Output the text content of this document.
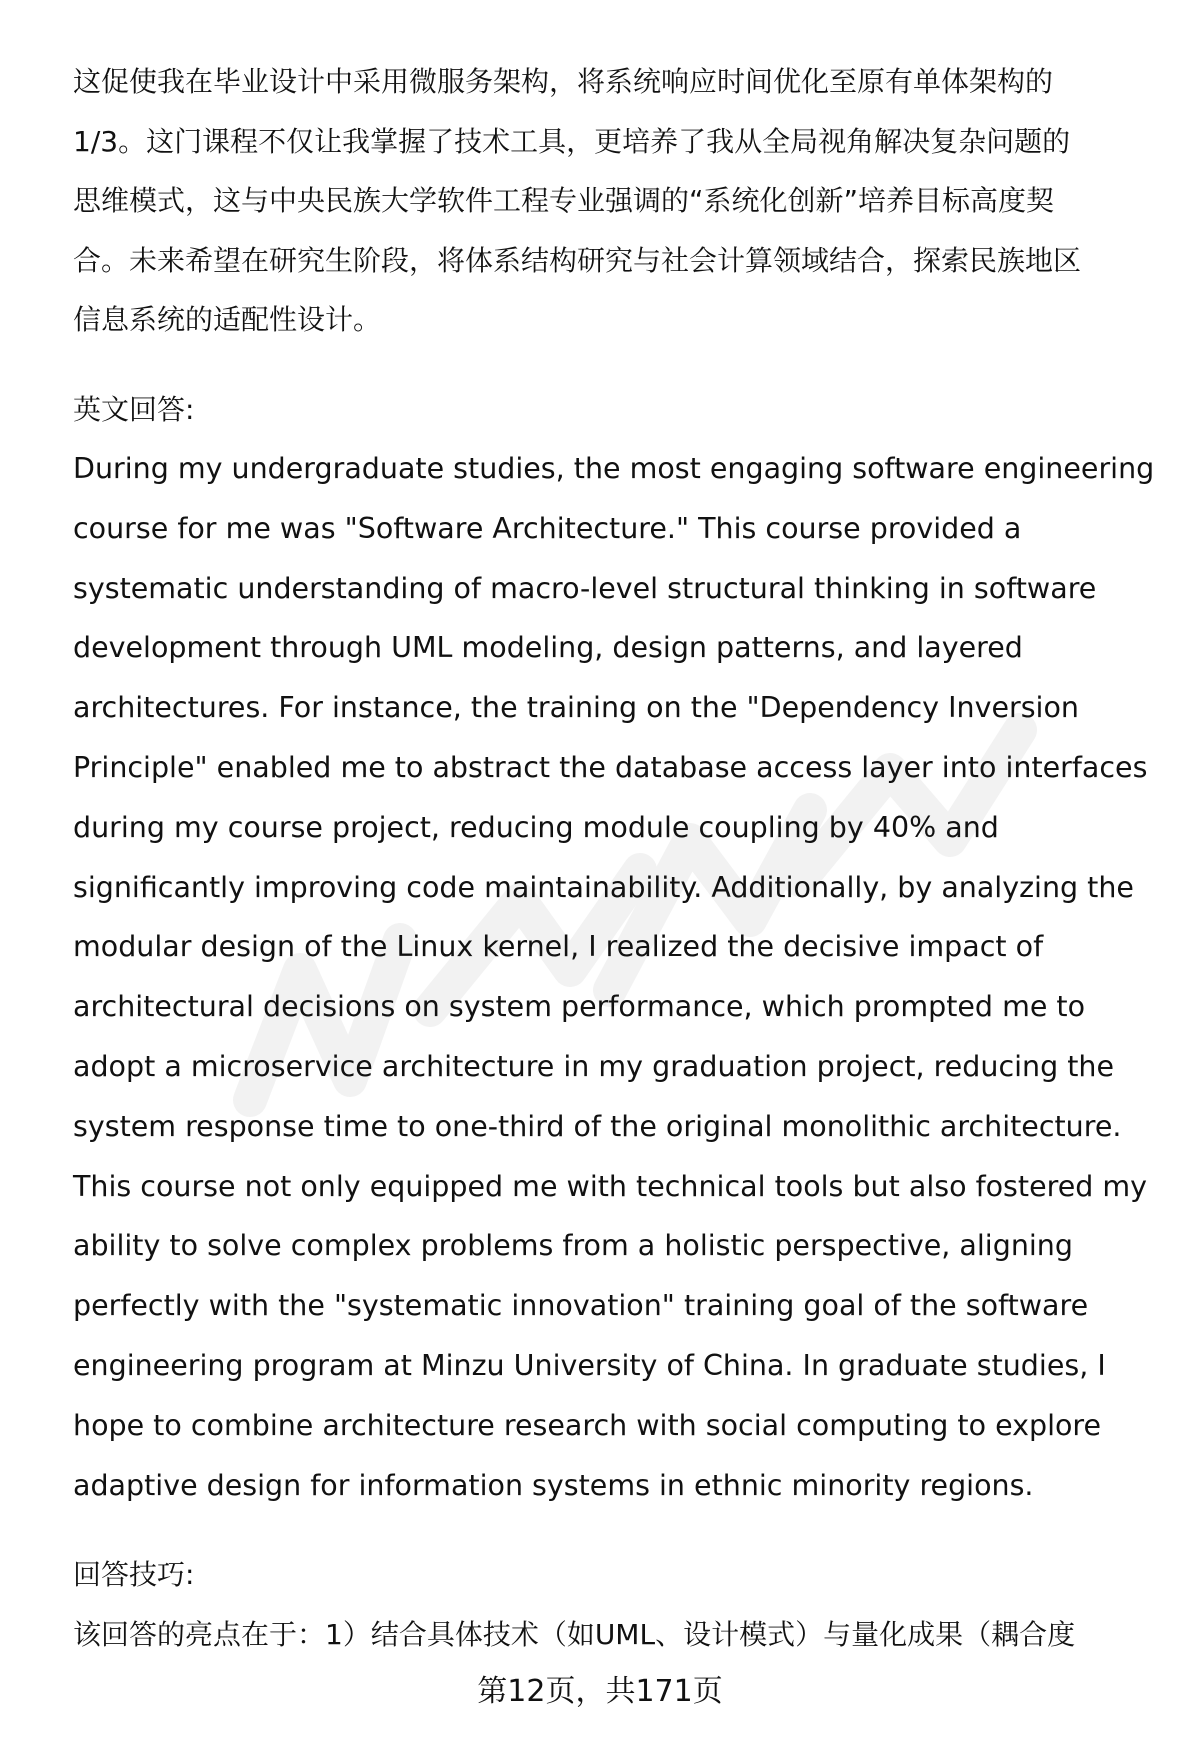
这促使我在毕业设计中采用微服务架构，将系统响应时间优化至原有单体架构的

1/3。这门课程不仅让我掌握了技术工具，更培养了我从全局视角解决复杂问题的

思维模式，这与中央民族大学软件工程专业强调的“系统化创新”培养目标高度契

合。未来希望在研究生阶段，将体系结构研究与社会计算领域结合，探索民族地区

信息系统的适配性设计。

英文回答:

During my undergraduate studies, the most engaging software engineering

course for me was "Software Architecture." This course provided a

systematic understanding of macro-level structural thinking in software

development through UML modeling, design patterns, and layered

architectures. For instance, the training on the "Dependency Inversion

Principle" enabled me to abstract the database access layer into interfaces

during my course project, reducing module coupling by 40% and

significantly improving code maintainability. Additionally, by analyzing the

modular design of the Linux kernel, I realized the decisive impact of

architectural decisions on system performance, which prompted me to

adopt a microservice architecture in my graduation project, reducing the

system response time to one-third of the original monolithic architecture.

This course not only equipped me with technical tools but also fostered my

ability to solve complex problems from a holistic perspective, aligning

perfectly with the "systematic innovation" training goal of the software

engineering program at Minzu University of China. In graduate studies, I

hope to combine architecture research with social computing to explore

adaptive design for information systems in ethnic minority regions.

回答技巧:

该回答的亮点在于：1）结合具体技术（如UML、设计模式）与量化成果（耦合度

第12页，共171页
